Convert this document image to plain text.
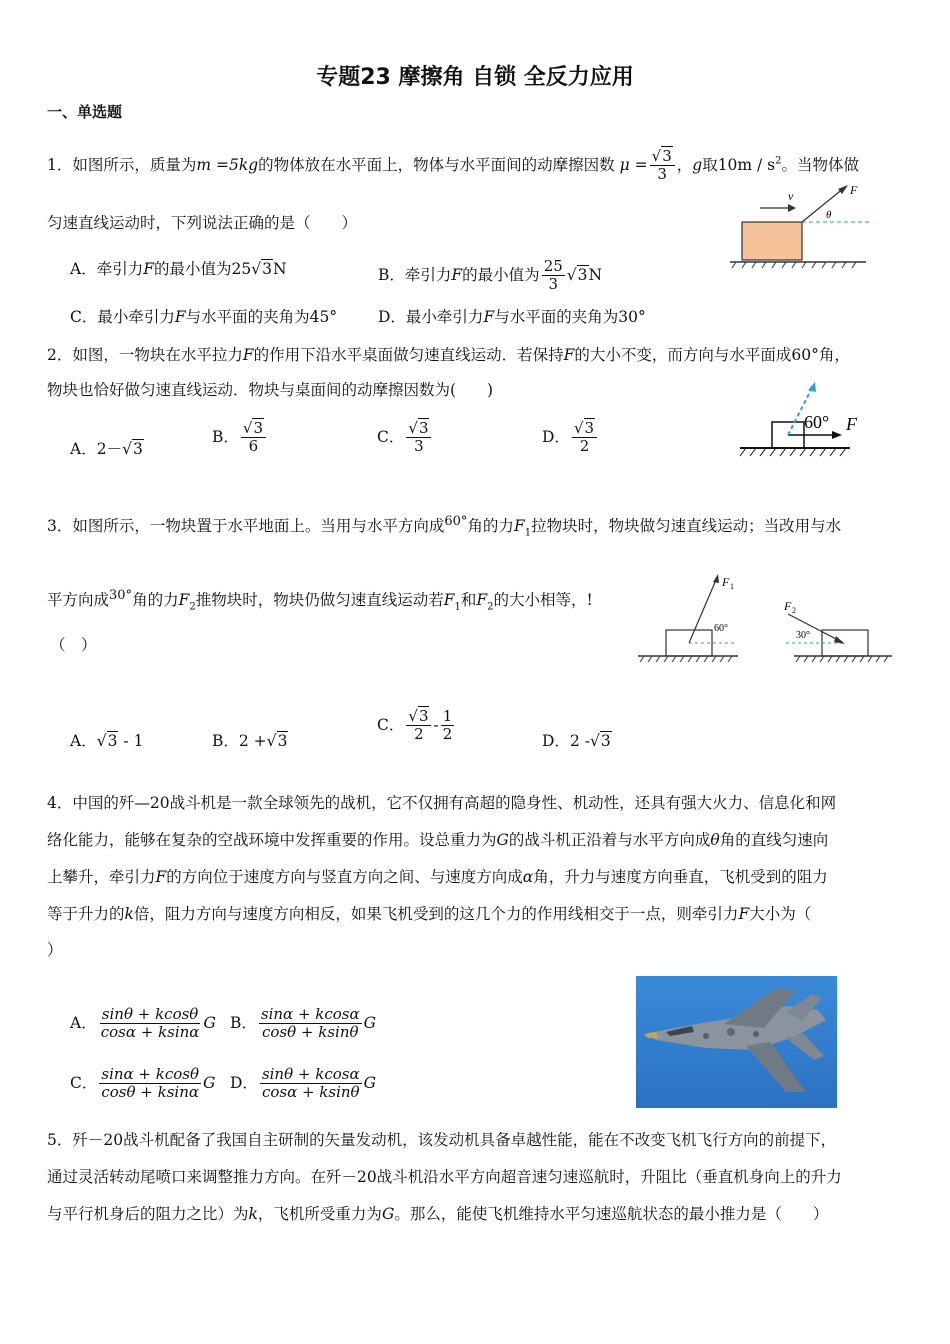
专题23 摩擦角 自锁 全反力应用
一、单选题
1．如图所示，质量为m =5kg的物体放在水平面上，物体与水平面间的动摩擦因数 μ = √ $\frac{3}{3}$ ，g取$10m / s^2$。当物体做
匀速直线运动时，下列说法正确的是（　　）
v	F
θ
A．牵引力F的最小值为25 √ 3N	B．牵引力F的最小值为 $\frac{25}{3}$ √ 3N
C．最小牵引力F与水平面的夹角为45°	D．最小牵引力F与水平面的夹角为30°
2．如图，一物块在水平拉力F的作用下沿水平桌面做匀速直线运动．若保持F的大小不变，而方向与水平面成60°角，
物块也恰好做匀速直线运动．物块与桌面间的动摩擦因数为(　　)
60° F
A．2－ √ 3
B． √ $\frac{3}{6}$	C． √ $\frac{3}{3}$	D． √ $\frac{3}{2}$
3．如图所示，一物块置于水平地面上。当用与水平方向成$^{60^\circ}$角的力$F_1$拉物块时，物块做匀速直线运动；当改用与水
平方向成$^{30^\circ}$角的力$F_2$推物块时，物块仍做匀速直线运动若$F_1$和$F_2$的大小相等，!
（　）
F 1
60°
F 2
30°
A． √ 3 - 1	B．2 + √ 3
C． √ $\frac{3}{2} - \frac{1}{2}$	D．2 - √ 3
4．中国的歼—20战斗机是一款全球领先的战机，它不仅拥有高超的隐身性、机动性，还具有强大火力、信息化和网
络化能力，能够在复杂的空战环境中发挥重要的作用。设总重力为G的战斗机正沿着与水平方向成θ角的直线匀速向
上攀升，牵引力F的方向位于速度方向与竖直方向之间、与速度方向成α角，升力与速度方向垂直，飞机受到的阻力
等于升力的k倍，阻力方向与速度方向相反，如果飞机受到的这几个力的作用线相交于一点，则牵引力F大小为（
）
A． $\frac{\sin\theta + kcos\theta}{\cos\alpha + ksin\alpha}$ G B． $\frac{\sin\alpha + kcos\alpha}{\cos\theta + ksin\theta}$ G
C． $\frac{\sin\alpha + kcos\theta}{\cos\theta + ksin\alpha}$ G D． $\frac{\sin\theta + kcos\alpha}{\cos\alpha + ksin\theta}$ G
5．歼－20战斗机配备了我国自主研制的矢量发动机，该发动机具备卓越性能，能在不改变飞机飞行方向的前提下，
通过灵活转动尾喷口来调整推力方向。在歼－20战斗机沿水平方向超音速匀速巡航时，升阻比（垂直机身向上的升力
与平行机身后的阻力之比）为k，飞机所受重力为G。那么，能使飞机维持水平匀速巡航状态的最小推力是（　　）
